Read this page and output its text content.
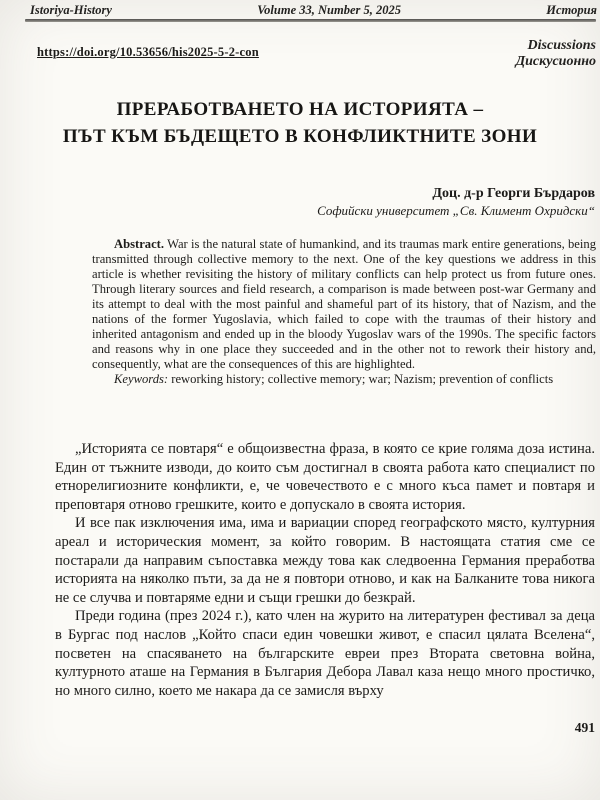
Istoriya-History	Volume 33, Number 5, 2025	История
https://doi.org/10.53656/his2025-5-2-con	Discussions
Дискусионно
ПРЕРАБОТВАНЕТО НА ИСТОРИЯТА –
ПЪТ КЪМ БЪДЕЩЕТО В КОНФЛИКТНИТЕ ЗОНИ
Доц. д-р Георги Бърдаров
Софийски университет „Св. Климент Охридски“

Abstract. War is the natural state of humankind, and its traumas mark entire generations, being transmitted through collective memory to the next. One of the key questions we address in this article is whether revisiting the history of military conflicts can help protect us from future ones. Through literary sources and field research, a comparison is made between post-war Germany and its attempt to deal with the most painful and shameful part of its history, that of Nazism, and the nations of the former Yugoslavia, which failed to cope with the traumas of their history and inherited antagonism and ended up in the bloody Yugoslav wars of the 1990s. The specific factors and reasons why in one place they succeeded and in the other not to rework their history and, consequently, what are the consequences of this are highlighted.

Keywords: reworking history; collective memory; war; Nazism; prevention of conflicts

„Историята се повтаря“ е общоизвестна фраза, в която се крие голяма доза истина. Един от тъжните изводи, до които съм достигнал в своята работа като специалист по етнорелигиозните конфликти, е, че човечеството е с много къса памет и повтаря и преповтаря отново грешките, които е допускало в своята история.

И все пак изключения има, има и вариации според географското място, културния ареал и историческия момент, за който говорим. В настоящата статия сме се постарали да направим съпоставка между това как следвоенна Германия преработва историята на няколко пъти, за да не я повтори отново, и как на Балканите това никога не се случва и повтаряме едни и същи грешки до безкрай.

Преди година (през 2024 г.), като член на журито на литературен фестивал за деца в Бургас под наслов „Който спаси един човешки живот, е спасил цялата Вселена“, посветен на спасяването на българските евреи през Втората световна война, културното аташе на Германия в България Дебора Лавал каза нещо много простичко, но много силно, което ме накара да се замисля върху

491
